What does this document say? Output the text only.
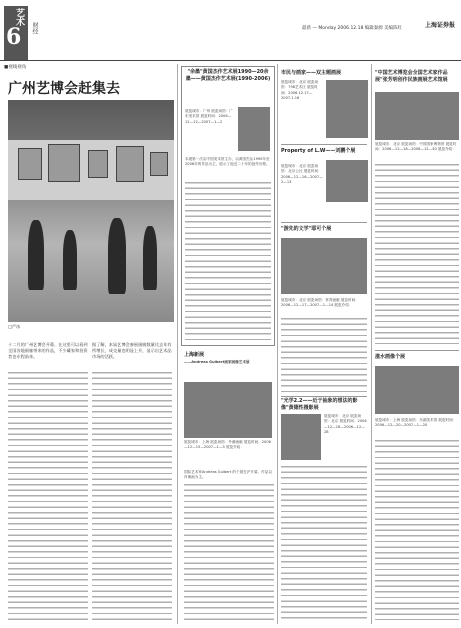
艺术
6 财经	最新 — Monday 2006.12.18 编辑秦源 美编陈红	上海证券报
■视线视角
广州艺博会赶集去
□严冰
十二月的广州艺博会开幕，在这里可以看到全国各地画廊带来的作品，不少藏家和投资者也专程前来。
据了解，本届艺博会参展画廊数量比去年有所增长，成交量也明显上升，显示出艺术品市场的活跃。
"余墨"黄国杰作艺术展1990—20余墨——黄国杰作艺术展(1990-2006)
展览城市：广州 展览场馆：广东美术馆 展览时间：2006—12—12—2007—1—2
本展第一次由中国美术馆主办，以黄国杰从1990年至2006年的作品为主，展示了他近二十年的创作历程。
上海新展
——Andreas Gulbert画家画像艺术展
展览城市：上海 展览场馆：外滩画廊 展览时间：2006—12—15—2007—1—5 展览介绍：
国际艺术家Andreas Gulbert 的个展在沪开幕，作品以肖像画为主。
市民与画家——双主题画展
展览城市：北京 展览场馆：798艺术区 展览时间：2006.12.17—2007.1.16
Property of L.W——刘鹏个展
展览城市：北京 展览场馆：北京公社 展览时间：2006—12—16—2007—2—13
"游先的文学"耶可个展
展览城市：北京 展览场馆：常青画廊 展览时间：2006—12—17—2007—1—14 展览介绍：
"光学2.2——近于抽象的想法的影像"黄德性摄影展
展览城市：北京 展览场馆：北京 展览时间：2006—12—16—2006—12—28
"中国艺术博览会全国艺术家作品展"张芳明创作民族画展艺术馆展
展览城市：北京 展览场馆：中国国家博物馆 展览时间：2006—12—18—2006—12—30 展览介绍：
滋水画像个展
展览城市：上海 展览场馆：东湖美术馆 展览时间：2006—12—20—2007—1—20
